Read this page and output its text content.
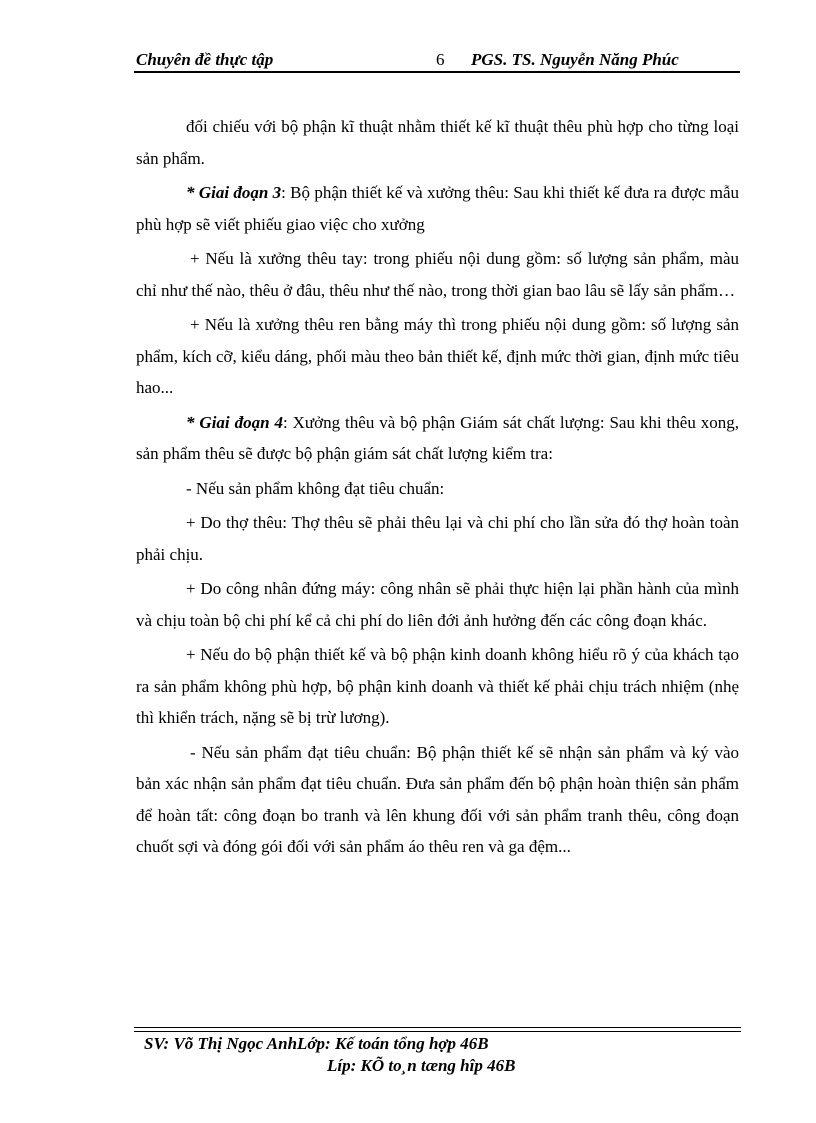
Chuyên đề thực tập	6 PGS. TS. Nguyễn Năng Phúc

đối chiếu với bộ phận kĩ thuật nhằm thiết kế kĩ thuật thêu phù hợp cho từng loại sản phẩm.

* Giai đoạn 3: Bộ phận thiết kế và xưởng thêu: Sau khi thiết kế đưa ra được mẫu phù hợp sẽ viết phiếu giao việc cho xưởng

+ Nếu là xưởng thêu tay: trong phiếu nội dung gồm: số lượng sản phẩm, màu chỉ như thế nào, thêu ở đâu, thêu như thế nào, trong thời gian bao lâu sẽ lấy sản phẩm…

+ Nếu là xưởng thêu ren bằng máy thì trong phiếu nội dung gồm: số lượng sản phẩm, kích cỡ, kiểu dáng, phối màu theo bản thiết kế, định mức thời gian, định mức tiêu hao...

* Giai đoạn 4: Xưởng thêu và bộ phận Giám sát chất lượng: Sau khi thêu xong, sản phẩm thêu sẽ được bộ phận giám sát chất lượng kiểm tra:

- Nếu sản phẩm không đạt tiêu chuẩn:

+ Do thợ thêu: Thợ thêu sẽ phải thêu lại và chi phí cho lần sửa đó thợ hoàn toàn phải chịu.

+ Do công nhân đứng máy: công nhân sẽ phải thực hiện lại phần hành của mình và chịu toàn bộ chi phí kể cả chi phí do liên đới ảnh hưởng đến các công đoạn khác.

+ Nếu do bộ phận thiết kế và bộ phận kinh doanh không hiểu rõ ý của khách tạo ra sản phẩm không phù hợp, bộ phận kinh doanh và thiết kế phải chịu trách nhiệm (nhẹ thì khiển trách, nặng sẽ bị trừ lương).

- Nếu sản phẩm đạt tiêu chuẩn: Bộ phận thiết kế sẽ nhận sản phẩm và ký vào bản xác nhận sản phẩm đạt tiêu chuẩn. Đưa sản phẩm đến bộ phận hoàn thiện sản phẩm để hoàn tất: công đoạn bo tranh và lên khung đối với sản phẩm tranh thêu, công đoạn chuốt sợi và đóng gói đối với sản phẩm áo thêu ren và ga đệm...

SV: Võ Thị Ngọc AnhLớp: Kế toán tổng hợp 46B
Líp: KÕ to¸n tæng hîp 46B
